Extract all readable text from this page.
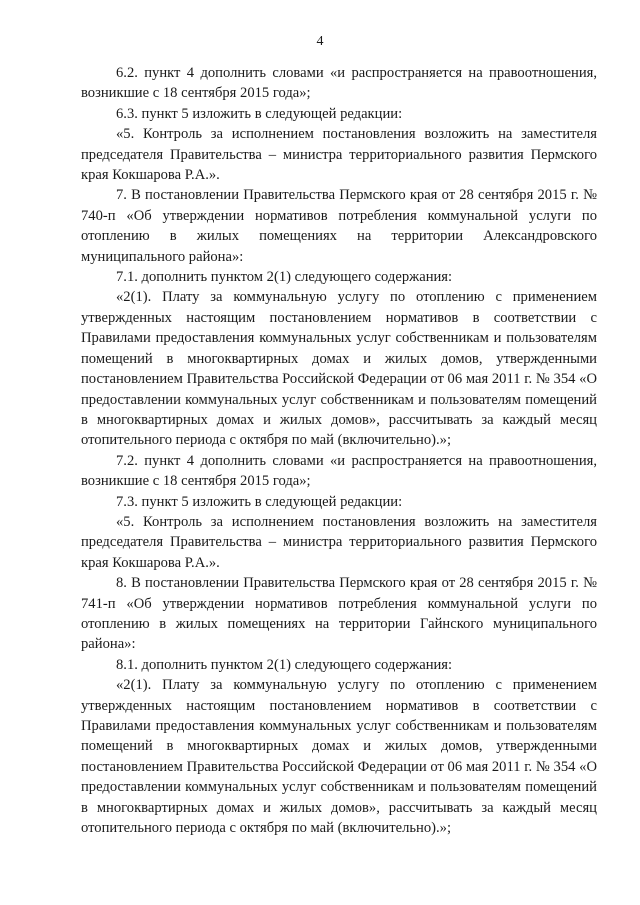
4

6.2. пункт 4 дополнить словами «и распространяется на правоотношения, возникшие с 18 сентября 2015 года»;

6.3. пункт 5 изложить в следующей редакции:

«5. Контроль за исполнением постановления возложить на заместителя председателя Правительства – министра территориального развития Пермского края Кокшарова Р.А.».

7. В постановлении Правительства Пермского края от 28 сентября 2015 г. № 740-п «Об утверждении нормативов потребления коммунальной услуги по отоплению в жилых помещениях на территории Александровского муниципального района»:

7.1. дополнить пунктом 2(1) следующего содержания:

«2(1). Плату за коммунальную услугу по отоплению с применением утвержденных настоящим постановлением нормативов в соответствии с Правилами предоставления коммунальных услуг собственникам и пользователям помещений в многоквартирных домах и жилых домов, утвержденными постановлением Правительства Российской Федерации от 06 мая 2011 г. № 354 «О предоставлении коммунальных услуг собственникам и пользователям помещений в многоквартирных домах и жилых домов», рассчитывать за каждый месяц отопительного периода с октября по май (включительно).»;

7.2. пункт 4 дополнить словами «и распространяется на правоотношения, возникшие с 18 сентября 2015 года»;

7.3. пункт 5 изложить в следующей редакции:

«5. Контроль за исполнением постановления возложить на заместителя председателя Правительства – министра территориального развития Пермского края Кокшарова Р.А.».

8. В постановлении Правительства Пермского края от 28 сентября 2015 г. № 741-п «Об утверждении нормативов потребления коммунальной услуги по отоплению в жилых помещениях на территории Гайнского муниципального района»:

8.1. дополнить пунктом 2(1) следующего содержания:

«2(1). Плату за коммунальную услугу по отоплению с применением утвержденных настоящим постановлением нормативов в соответствии с Правилами предоставления коммунальных услуг собственникам и пользователям помещений в многоквартирных домах и жилых домов, утвержденными постановлением Правительства Российской Федерации от 06 мая 2011 г. № 354 «О предоставлении коммунальных услуг собственникам и пользователям помещений в многоквартирных домах и жилых домов», рассчитывать за каждый месяц отопительного периода с октября по май (включительно).»;
